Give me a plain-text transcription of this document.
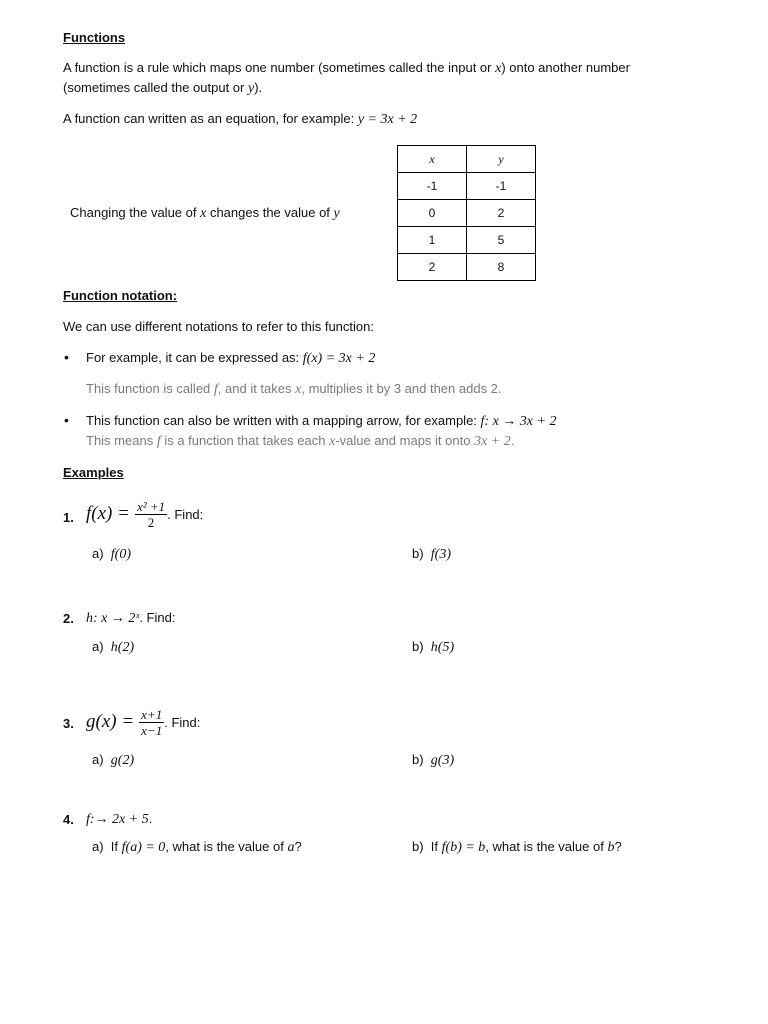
Functions
A function is a rule which maps one number (sometimes called the input or x) onto another number
(sometimes called the output or y).
A function can written as an equation, for example: y = 3x + 2
Changing the value of x changes the value of y
x	y
-1	-1
0	2
1	5
2	8
Function notation:
We can use different notations to refer to this function:
• For example, it can be expressed as: f(x) = 3x + 2
This function is called f, and it takes x, multiplies it by 3 and then adds 2.
• This function can also be written with a mapping arrow, for example: f: x → 3x + 2
This means f is a function that takes each x-value and maps it onto 3x + 2.
Examples
1. $f(x) = \frac{\text{x² +1}}{2}$ . Find:
a) f(0)	b) f(3)
2. h: x → 2ˣ. Find:
a) h(2)	b) h(5)
3. $g(x) = \frac{x+1}{x-1}$ . Find:
a) g(2)	b) g(3)
4. f:→ 2x + 5.
a) If f(a) = 0, what is the value of a?	b) If f(b) = b, what is the value of b?
